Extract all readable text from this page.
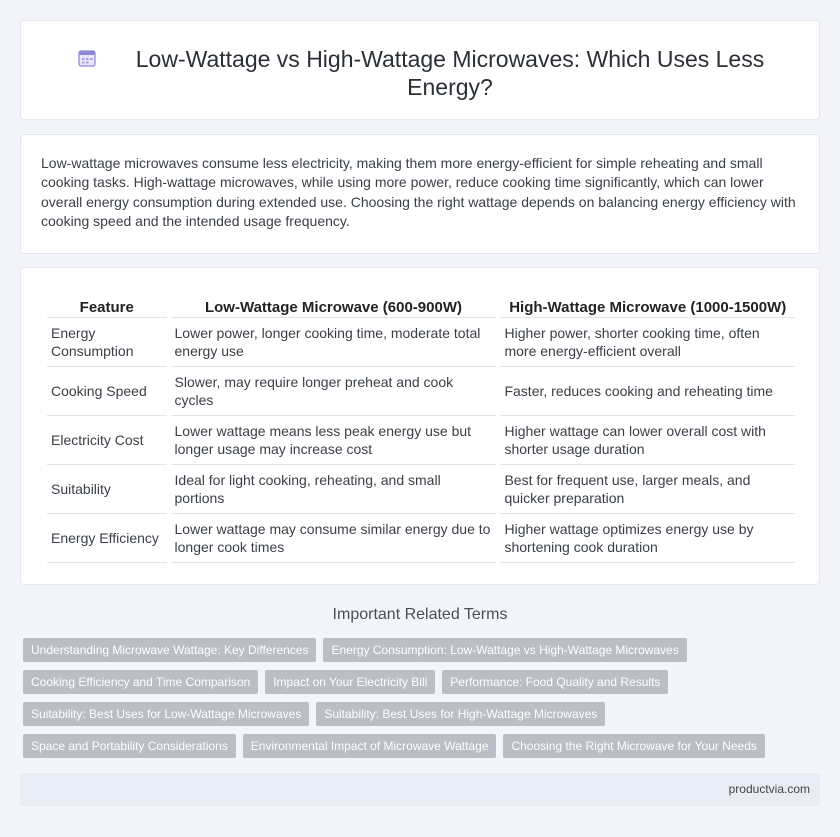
Low-Wattage vs High-Wattage Microwaves: Which Uses Less Energy?

Low-wattage microwaves consume less electricity, making them more energy-efficient for simple reheating and small cooking tasks. High-wattage microwaves, while using more power, reduce cooking time significantly, which can lower overall energy consumption during extended use. Choosing the right wattage depends on balancing energy efficiency with cooking speed and the intended usage frequency.

Feature	Low-Wattage Microwave (600-900W)	High-Wattage Microwave (1000-1500W)
Energy Consumption	Lower power, longer cooking time, moderate total energy use	Higher power, shorter cooking time, often more energy-efficient overall
Cooking Speed	Slower, may require longer preheat and cook cycles	Faster, reduces cooking and reheating time
Electricity Cost	Lower wattage means less peak energy use but longer usage may increase cost	Higher wattage can lower overall cost with shorter usage duration
Suitability	Ideal for light cooking, reheating, and small portions	Best for frequent use, larger meals, and quicker preparation
Energy Efficiency	Lower wattage may consume similar energy due to longer cook times	Higher wattage optimizes energy use by shortening cook duration
Important Related Terms
Understanding Microwave Wattage: Key Differences	Energy Consumption: Low-Wattage vs High-Wattage Microwaves
Cooking Efficiency and Time Comparison	Impact on Your Electricity Bill	Performance: Food Quality and Results
Suitability: Best Uses for Low-Wattage Microwaves	Suitability: Best Uses for High-Wattage Microwaves
Space and Portability Considerations	Environmental Impact of Microwave Wattage	Choosing the Right Microwave for Your Needs
productvia.com
